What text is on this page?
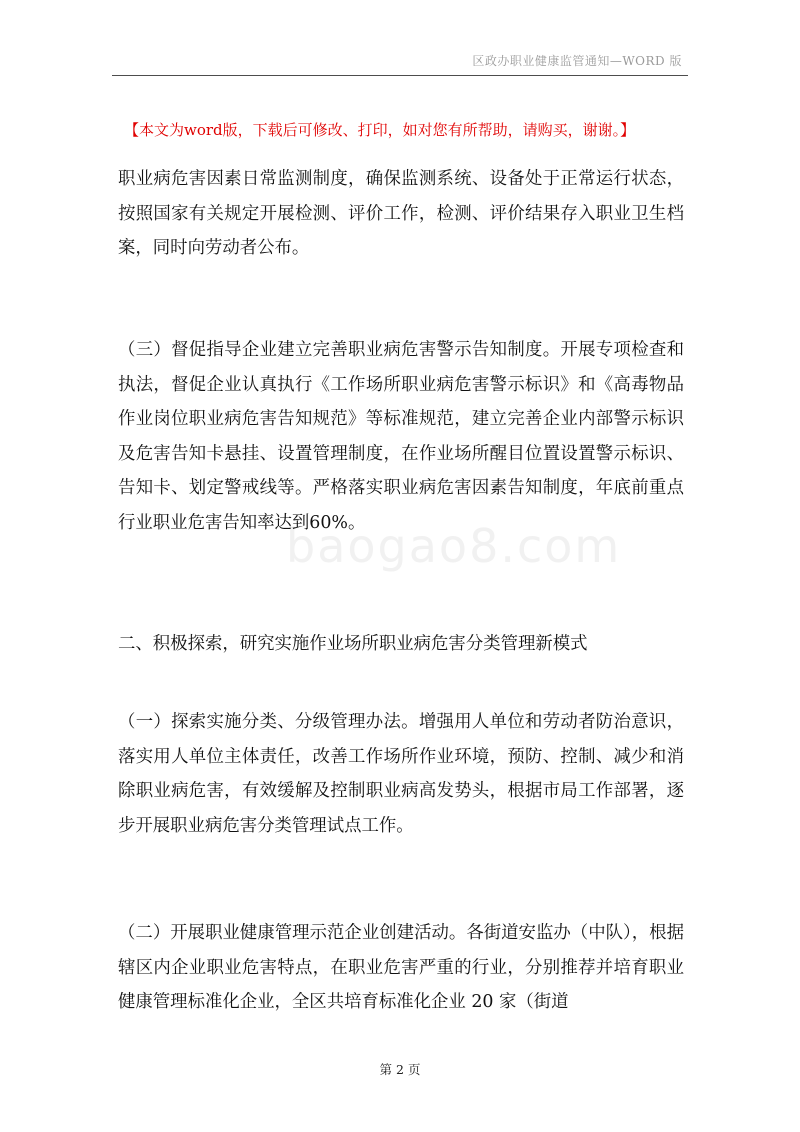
区政办职业健康监管通知—WORD 版
【本文为word版，下载后可修改、打印，如对您有所帮助，请购买，谢谢。】
baogao8.com

职业病危害因素日常监测制度，确保监测系统、设备处于正常运行状态，按照国家有关规定开展检测、评价工作，检测、评价结果存入职业卫生档案，同时向劳动者公布。

（三）督促指导企业建立完善职业病危害警示告知制度。开展专项检查和执法，督促企业认真执行《工作场所职业病危害警示标识》和《高毒物品作业岗位职业病危害告知规范》等标准规范，建立完善企业内部警示标识及危害告知卡悬挂、设置管理制度，在作业场所醒目位置设置警示标识、告知卡、划定警戒线等。严格落实职业病危害因素告知制度，年底前重点行业职业危害告知率达到60%。

二、积极探索，研究实施作业场所职业病危害分类管理新模式

（一）探索实施分类、分级管理办法。增强用人单位和劳动者防治意识，落实用人单位主体责任，改善工作场所作业环境，预防、控制、减少和消除职业病危害，有效缓解及控制职业病高发势头，根据市局工作部署，逐步开展职业病危害分类管理试点工作。

（二）开展职业健康管理示范企业创建活动。各街道安监办（中队），根据辖区内企业职业危害特点，在职业危害严重的行业，分别推荐并培育职业健康管理标准化企业，全区共培育标准化企业 20 家（街道

第 2 页
